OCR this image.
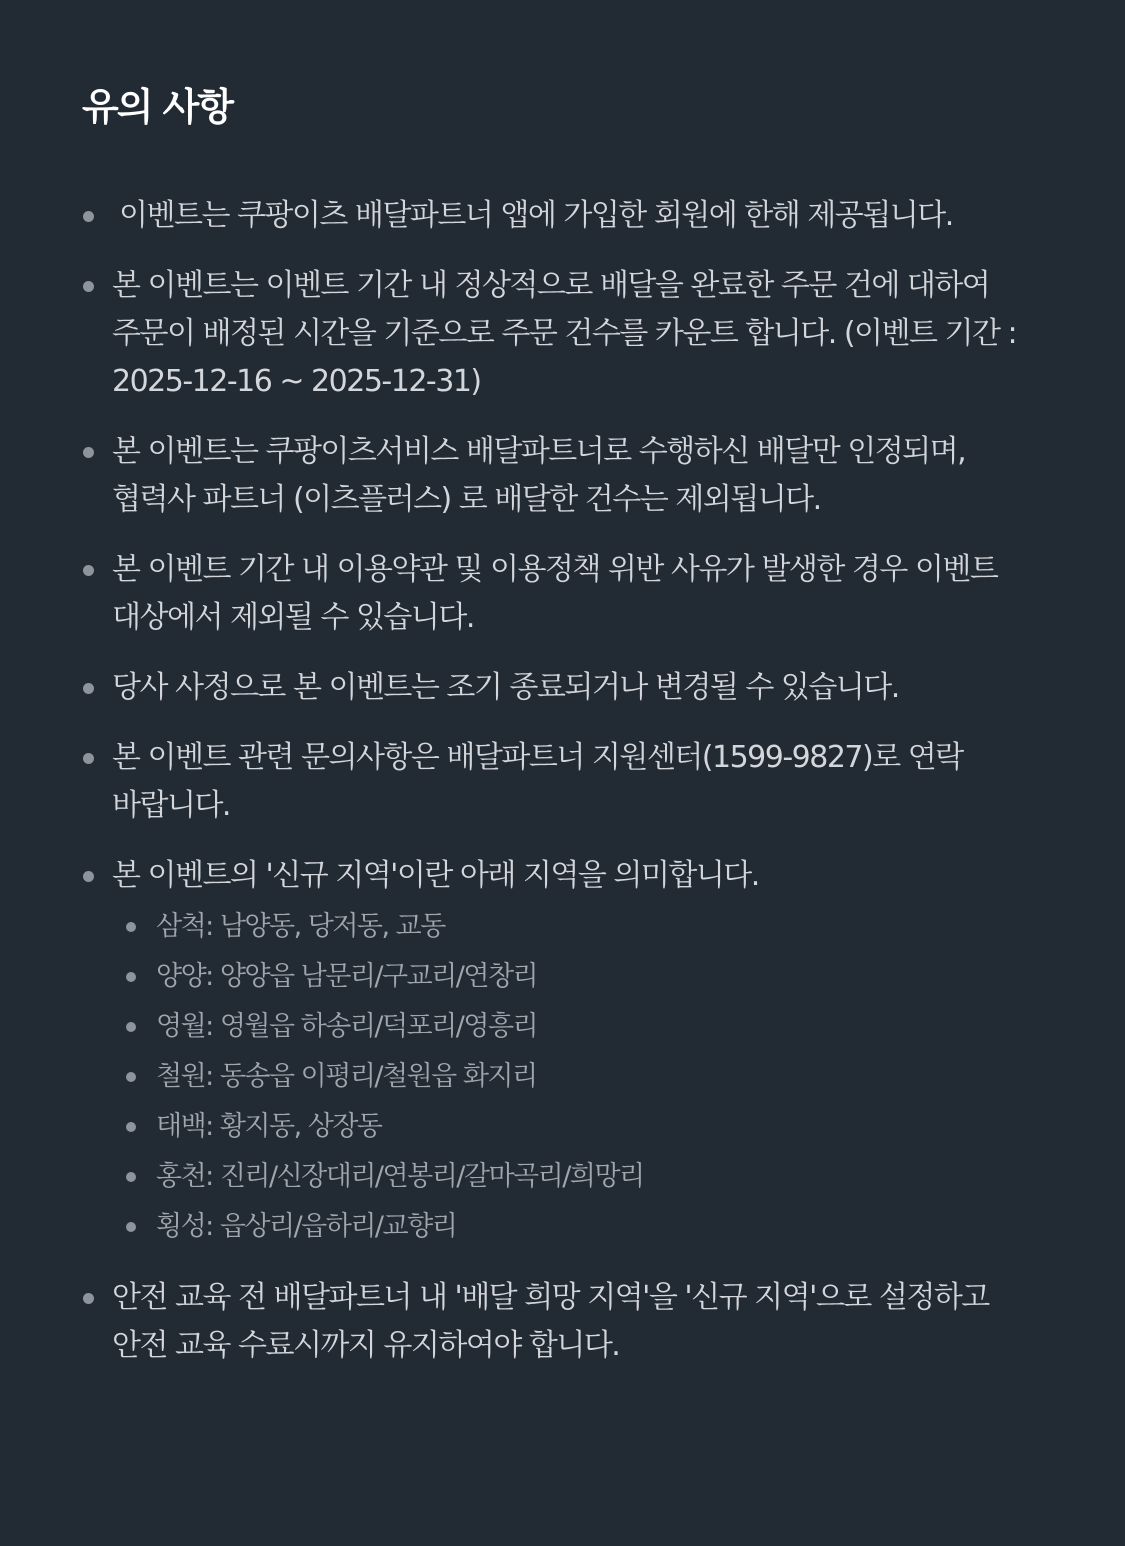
유의 사항
이벤트는 쿠팡이츠 배달파트너 앱에 가입한 회원에 한해 제공됩니다.
본 이벤트는 이벤트 기간 내 정상적으로 배달을 완료한 주문 건에 대하여 주문이 배정된 시간을 기준으로 주문 건수를 카운트 합니다. (이벤트 기간 : 2025-12-16 ~ 2025-12-31)
본 이벤트는 쿠팡이츠서비스 배달파트너로 수행하신 배달만 인정되며, 협력사 파트너 (이츠플러스) 로 배달한 건수는 제외됩니다.
본 이벤트 기간 내 이용약관 및 이용정책 위반 사유가 발생한 경우 이벤트 대상에서 제외될 수 있습니다.
당사 사정으로 본 이벤트는 조기 종료되거나 변경될 수 있습니다.
본 이벤트 관련 문의사항은 배달파트너 지원센터(1599-9827)로 연락 바랍니다.
본 이벤트의 '신규 지역'이란 아래 지역을 의미합니다.
삼척: 남양동, 당저동, 교동
양양: 양양읍 남문리/구교리/연창리
영월: 영월읍 하송리/덕포리/영흥리
철원: 동송읍 이평리/철원읍 화지리
태백: 황지동, 상장동
홍천: 진리/신장대리/연봉리/갈마곡리/희망리
횡성: 읍상리/읍하리/교향리
안전 교육 전 배달파트너 내 '배달 희망 지역'을 '신규 지역'으로 설정하고 안전 교육 수료시까지 유지하여야 합니다.
